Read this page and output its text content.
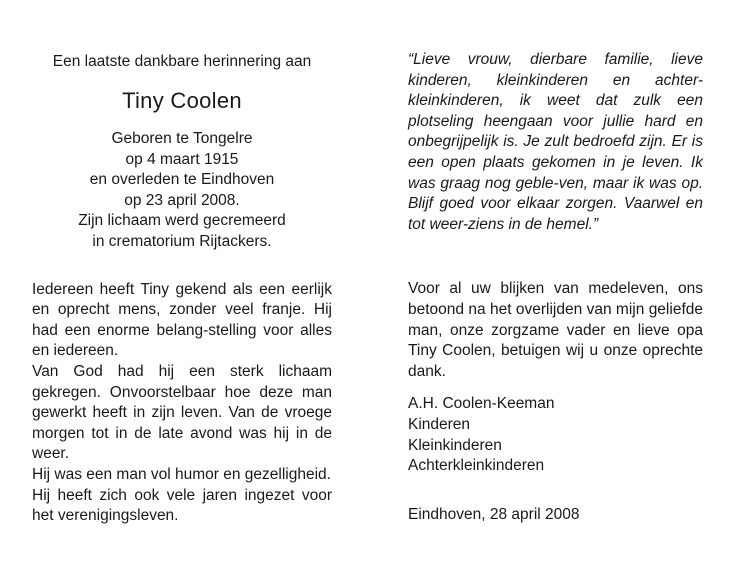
Een laatste dankbare herinnering aan
Tiny Coolen
Geboren te Tongelre
op 4 maart 1915
en overleden te Eindhoven
op 23 april 2008.
Zijn lichaam werd gecremeerd
in crematorium Rijtackers.

Iedereen heeft Tiny gekend als een eerlijk en oprecht mens, zonder veel franje. Hij had een enorme belang-stelling voor alles en iedereen.

Van God had hij een sterk lichaam gekregen. Onvoorstelbaar hoe deze man gewerkt heeft in zijn leven. Van de vroege morgen tot in de late avond was hij in de weer.

Hij was een man vol humor en gezelligheid.

Hij heeft zich ook vele jaren ingezet voor het verenigingsleven.

“Lieve vrouw, dierbare familie, lieve kinderen, kleinkinderen en achter-kleinkinderen, ik weet dat zulk een plotseling heengaan voor jullie hard en onbegrijpelijk is. Je zult bedroefd zijn. Er is een open plaats gekomen in je leven. Ik was graag nog geble-ven, maar ik was op. Blijf goed voor elkaar zorgen. Vaarwel en tot weer-ziens in de hemel.”

Voor al uw blijken van medeleven, ons betoond na het overlijden van mijn geliefde man, onze zorgzame vader en lieve opa Tiny Coolen, betuigen wij u onze oprechte dank.

A.H. Coolen-Keeman
Kinderen
Kleinkinderen
Achterkleinkinderen
Eindhoven, 28 april 2008
